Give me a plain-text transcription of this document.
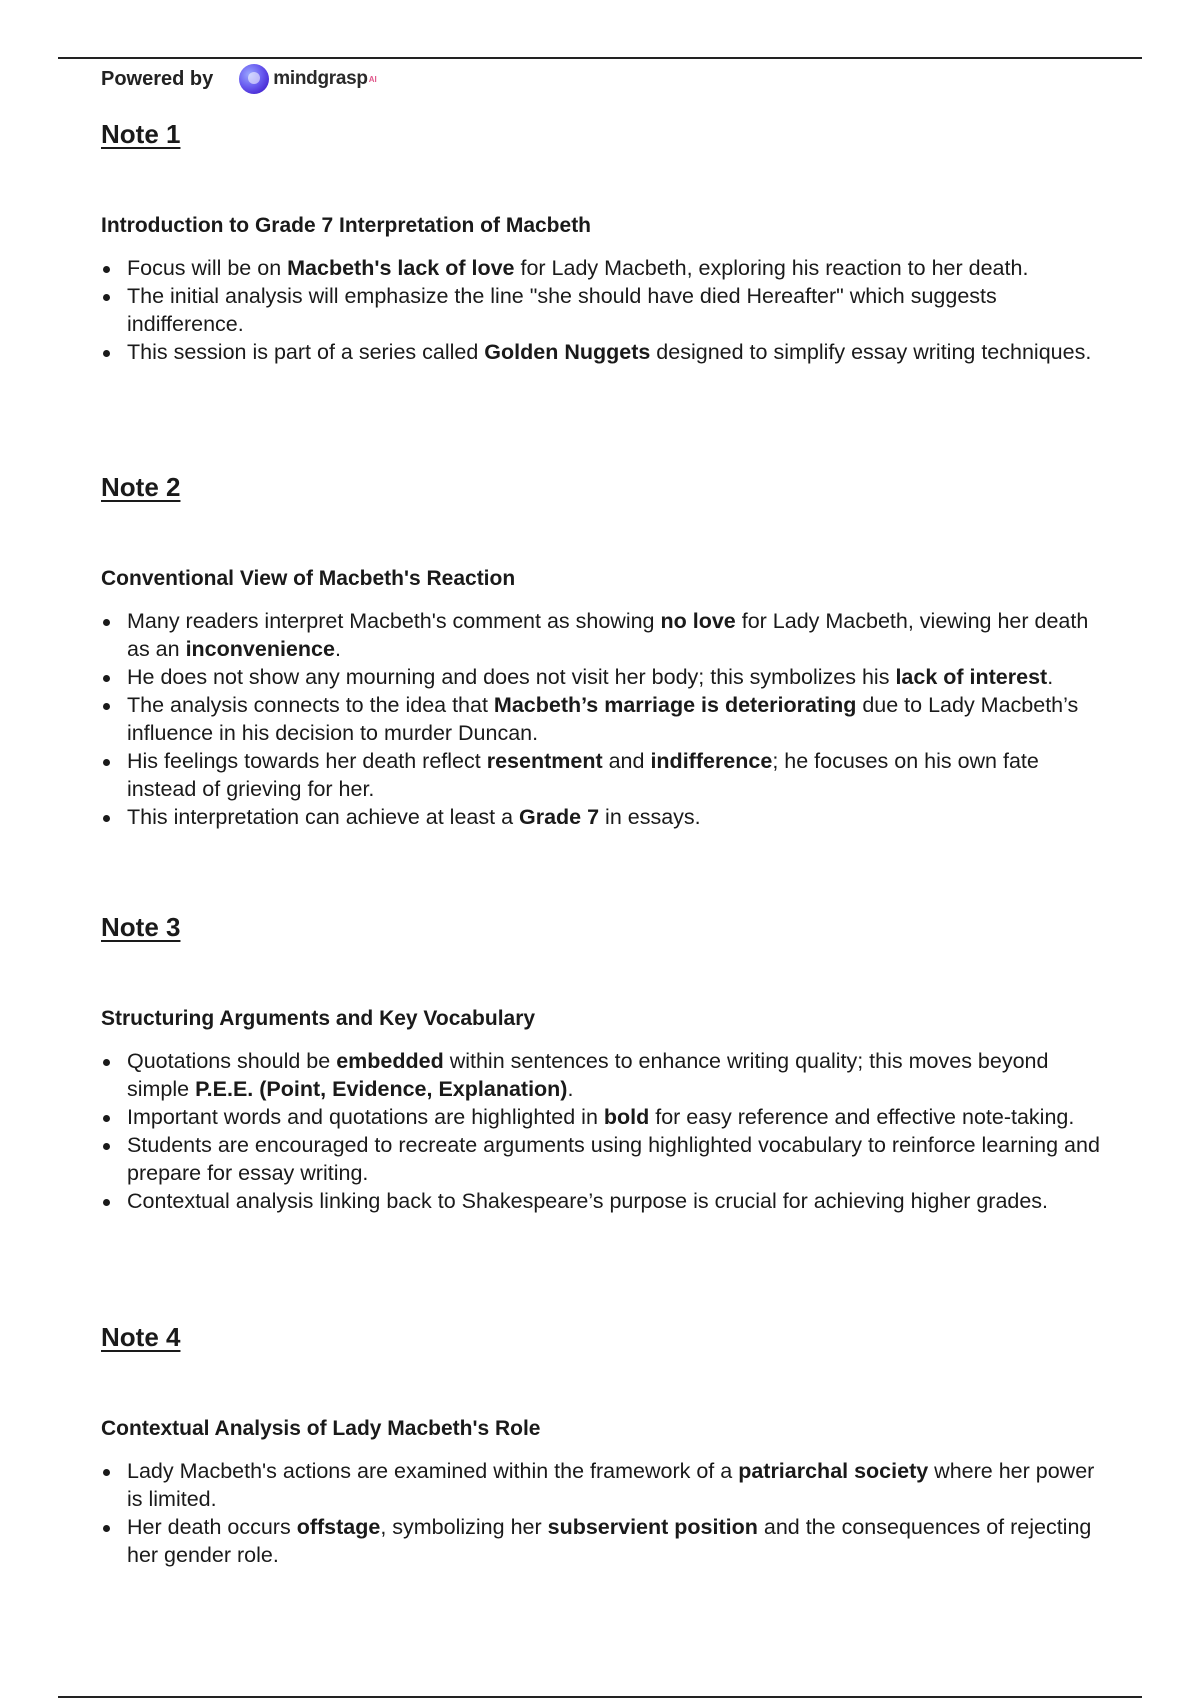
Powered by	mindgrasp AI
Note 1
Introduction to Grade 7 Interpretation of Macbeth
Focus will be on Macbeth's lack of love for Lady Macbeth, exploring his reaction to her death.
The initial analysis will emphasize the line "she should have died Hereafter" which suggests indifference.
This session is part of a series called Golden Nuggets designed to simplify essay writing techniques.
Note 2
Conventional View of Macbeth's Reaction
Many readers interpret Macbeth's comment as showing no love for Lady Macbeth, viewing her death as an inconvenience.
He does not show any mourning and does not visit her body; this symbolizes his lack of interest.
The analysis connects to the idea that Macbeth’s marriage is deteriorating due to Lady Macbeth’s influence in his decision to murder Duncan.
His feelings towards her death reflect resentment and indifference; he focuses on his own fate instead of grieving for her.
This interpretation can achieve at least a Grade 7 in essays.
Note 3
Structuring Arguments and Key Vocabulary
Quotations should be embedded within sentences to enhance writing quality; this moves beyond simple P.E.E. (Point, Evidence, Explanation).
Important words and quotations are highlighted in bold for easy reference and effective note-taking.
Students are encouraged to recreate arguments using highlighted vocabulary to reinforce learning and prepare for essay writing.
Contextual analysis linking back to Shakespeare’s purpose is crucial for achieving higher grades.
Note 4
Contextual Analysis of Lady Macbeth's Role
Lady Macbeth's actions are examined within the framework of a patriarchal society where her power is limited.
Her death occurs offstage, symbolizing her subservient position and the consequences of rejecting her gender role.
